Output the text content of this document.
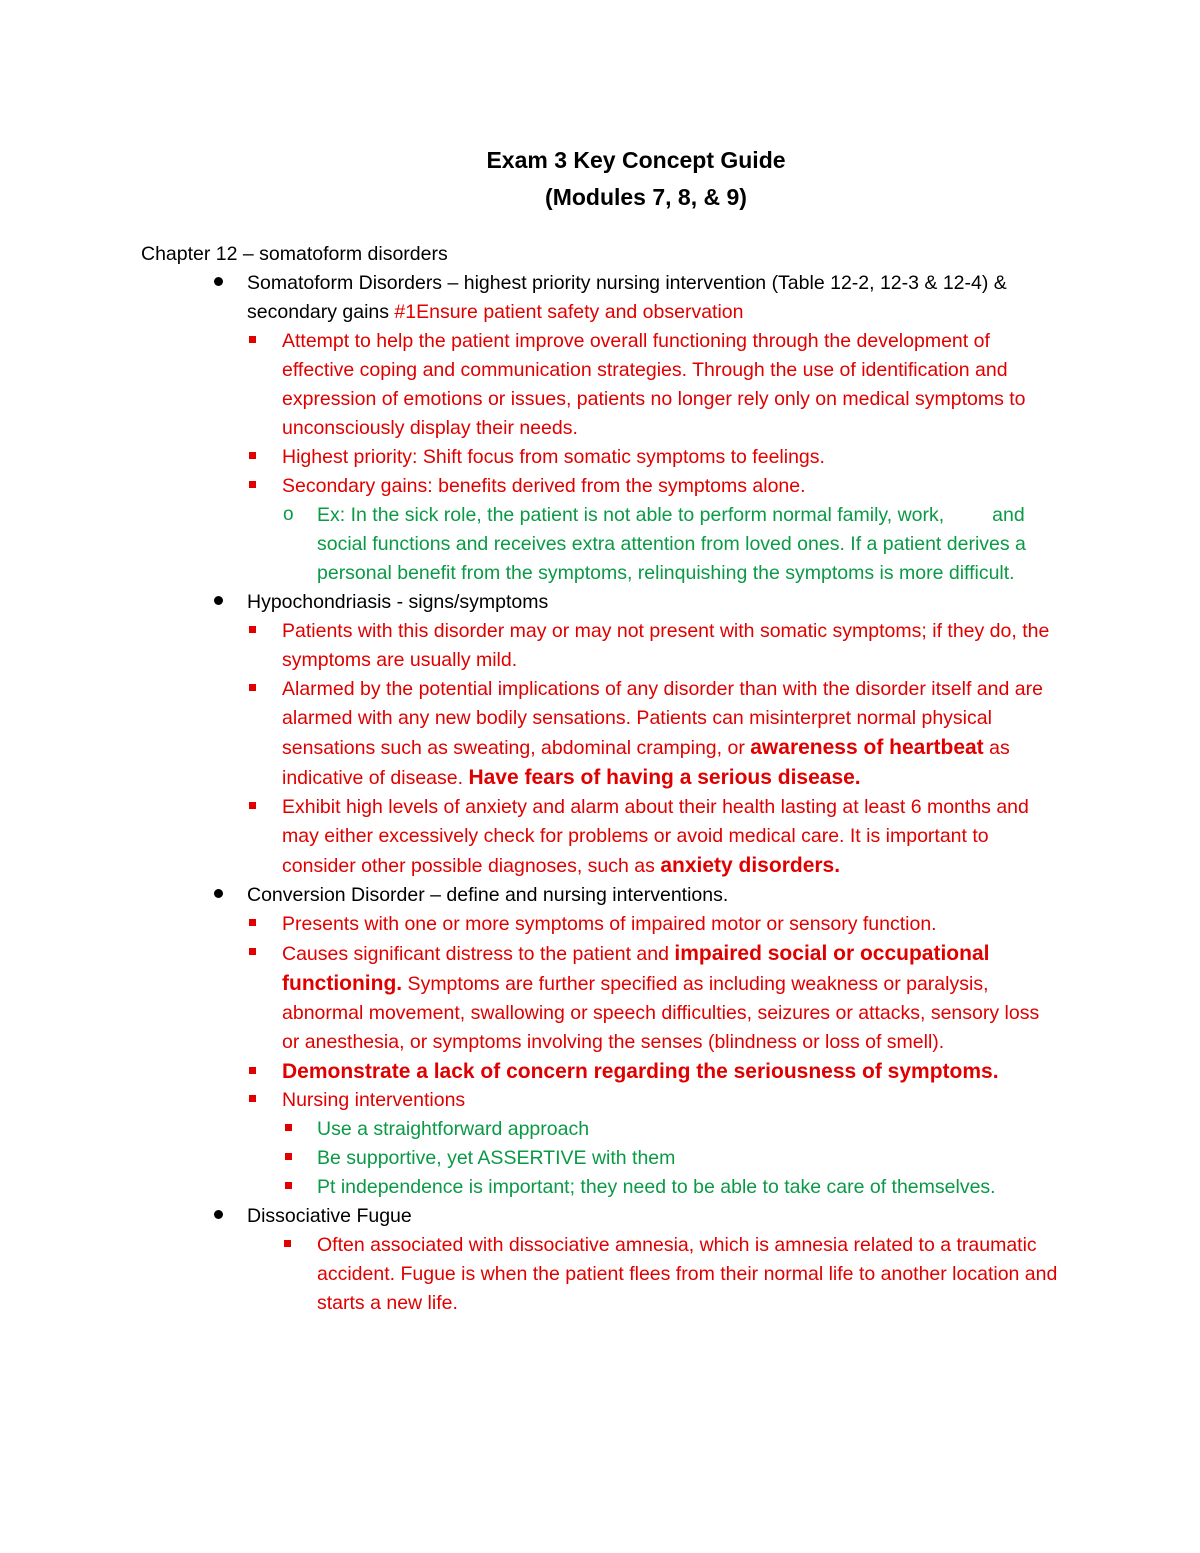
Exam 3 Key Concept Guide
(Modules 7, 8, & 9)
Chapter 12 – somatoform disorders
Somatoform Disorders – highest priority nursing intervention (Table 12-2, 12-3 & 12-4) & secondary gains #1Ensure patient safety and observation
Attempt to help the patient improve overall functioning through the development of effective coping and communication strategies. Through the use of identification and expression of emotions or issues, patients no longer rely only on medical symptoms to unconsciously display their needs.
Highest priority: Shift focus from somatic symptoms to feelings.
Secondary gains: benefits derived from the symptoms alone.
o Ex: In the sick role, the patient is not able to perform normal family, work, and social functions and receives extra attention from loved ones. If a patient derives a personal benefit from the symptoms, relinquishing the symptoms is more difficult.
Hypochondriasis - signs/symptoms
Patients with this disorder may or may not present with somatic symptoms; if they do, the symptoms are usually mild.
Alarmed by the potential implications of any disorder than with the disorder itself and are alarmed with any new bodily sensations. Patients can misinterpret normal physical sensations such as sweating, abdominal cramping, or awareness of heartbeat as indicative of disease. Have fears of having a serious disease.
Exhibit high levels of anxiety and alarm about their health lasting at least 6 months and may either excessively check for problems or avoid medical care. It is important to consider other possible diagnoses, such as anxiety disorders.
Conversion Disorder – define and nursing interventions.
Presents with one or more symptoms of impaired motor or sensory function.
Causes significant distress to the patient and impaired social or occupational functioning. Symptoms are further specified as including weakness or paralysis, abnormal movement, swallowing or speech difficulties, seizures or attacks, sensory loss or anesthesia, or symptoms involving the senses (blindness or loss of smell).
Demonstrate a lack of concern regarding the seriousness of symptoms.
Nursing interventions
Use a straightforward approach
Be supportive, yet ASSERTIVE with them
Pt independence is important; they need to be able to take care of themselves.
Dissociative Fugue
Often associated with dissociative amnesia, which is amnesia related to a traumatic accident. Fugue is when the patient flees from their normal life to another location and starts a new life.
